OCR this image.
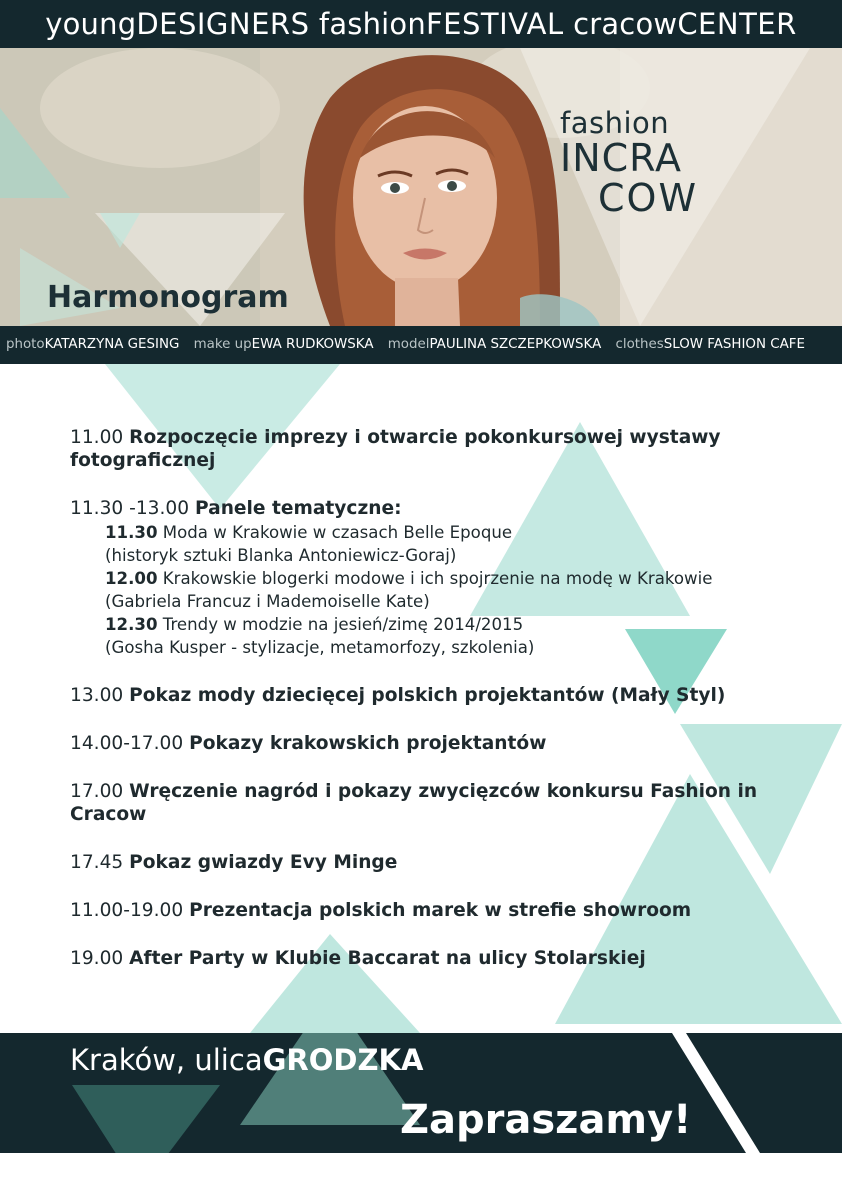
youngDESIGNERS fashionFESTIVAL cracowCENTER
fashion
INCRA
COW
Harmonogram
photoKATARZYNA GESING make upEWA RUDKOWSKA modelPAULINA SZCZEPKOWSKA clothesSLOW FASHION CAFE
11.00 Rozpoczęcie imprezy i otwarcie pokonkursowej wystawy fotograficznej
11.30 -13.00 Panele tematyczne:
11.30 Moda w Krakowie w czasach Belle Epoque
(historyk sztuki Blanka Antoniewicz-Goraj)
12.00 Krakowskie blogerki modowe i ich spojrzenie na modę w Krakowie
(Gabriela Francuz i Mademoiselle Kate)
12.30 Trendy w modzie na jesień/zimę 2014/2015
(Gosha Kusper - stylizacje, metamorfozy, szkolenia)
13.00 Pokaz mody dziecięcej polskich projektantów (Mały Styl)
14.00-17.00 Pokazy krakowskich projektantów
17.00 Wręczenie nagród i pokazy zwycięzców konkursu Fashion in Cracow
17.45 Pokaz gwiazdy Evy Minge
11.00-19.00 Prezentacja polskich marek w strefie showroom
19.00 After Party w Klubie Baccarat na ulicy Stolarskiej
Kraków, ulicaGRODZKA
Zapraszamy!
